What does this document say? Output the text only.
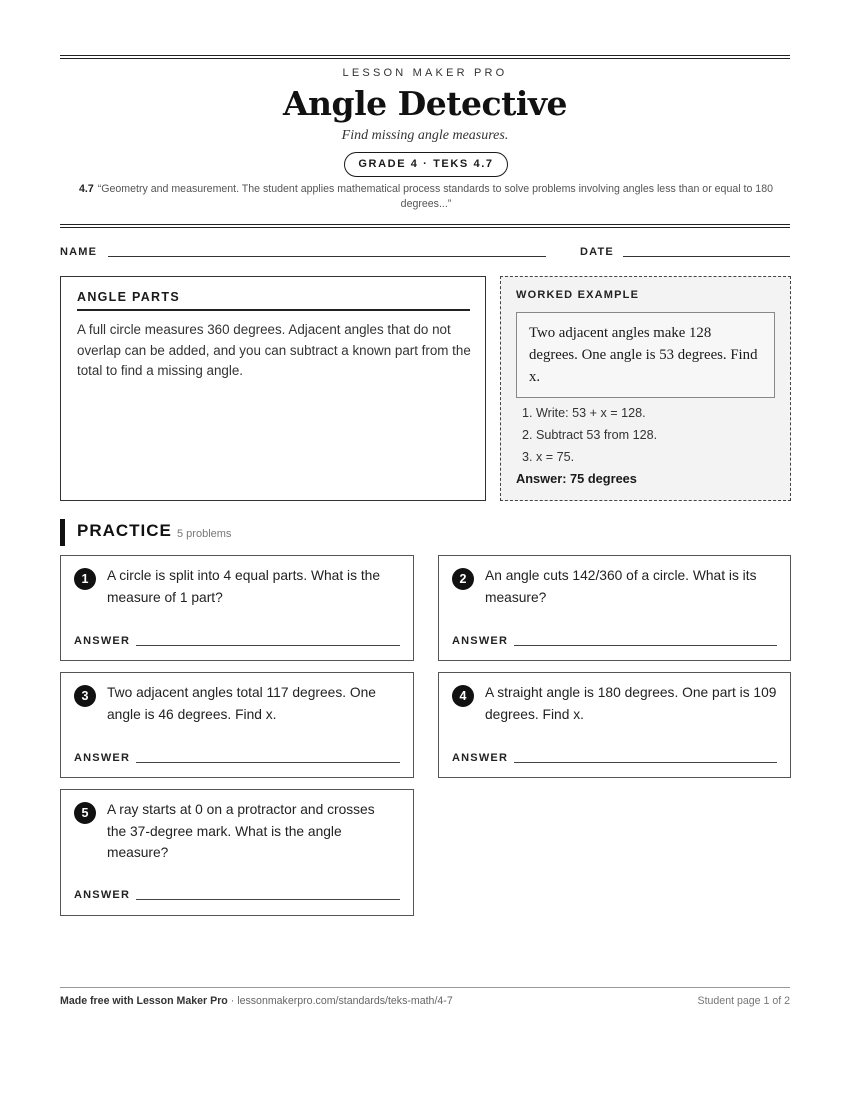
LESSON MAKER PRO
Angle Detective
Find missing angle measures.
GRADE 4 · TEKS 4.7
4.7 “Geometry and measurement. The student applies mathematical process standards to solve problems involving angles less than or equal to 180 degrees...”
NAME	DATE
ANGLE PARTS
A full circle measures 360 degrees. Adjacent angles that do not overlap can be added, and you can subtract a known part from the total to find a missing angle.
WORKED EXAMPLE
Two adjacent angles make 128 degrees. One angle is 53 degrees. Find x.
1. Write: 53 + x = 128.
2. Subtract 53 from 128.
3. x = 75.
Answer: 75 degrees
PRACTICE 5 problems
1	A circle is split into 4 equal parts. What is the measure of 1 part?
ANSWER
2	An angle cuts 142/360 of a circle. What is its measure?
ANSWER
3	Two adjacent angles total 117 degrees. One angle is 46 degrees. Find x.
ANSWER
4	A straight angle is 180 degrees. One part is 109 degrees. Find x.
ANSWER
5	A ray starts at 0 on a protractor and crosses the 37-degree mark. What is the angle measure?
ANSWER
Made free with Lesson Maker Pro · lessonmakerpro.com/standards/teks-math/4-7	Student page 1 of 2
